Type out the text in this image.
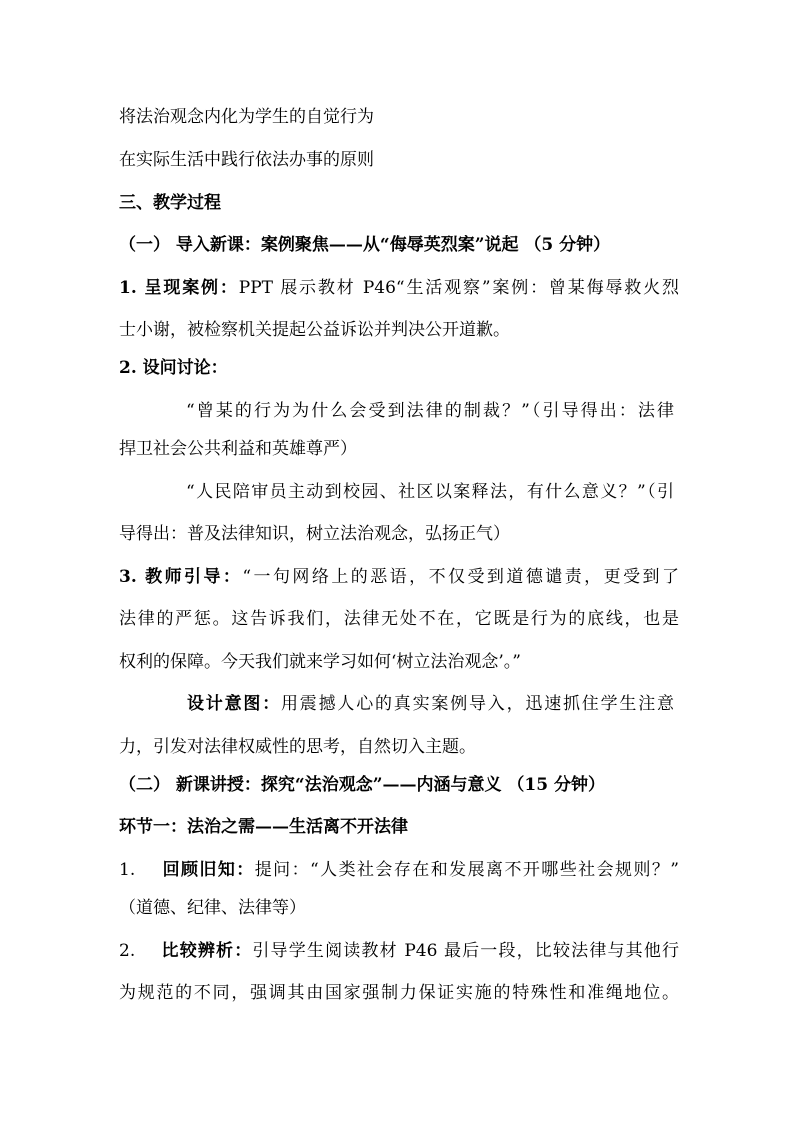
将法治观念内化为学生的自觉行为
在实际生活中践行依法办事的原则
三、教学过程
（一） 导入新课：案例聚焦——从“侮辱英烈案”说起 （5 分钟）
1. 呈现案例：PPT 展示教材 P46“生活观察”案例：曾某侮辱救火烈
士小谢，被检察机关提起公益诉讼并判决公开道歉。
2. 设问讨论：
“曾某的行为为什么会受到法律的制裁？”（引导得出：法律
捍卫社会公共利益和英雄尊严）
“人民陪审员主动到校园、社区以案释法，有什么意义？”（引
导得出：普及法律知识，树立法治观念，弘扬正气）
3. 教师引导：“一句网络上的恶语，不仅受到道德谴责，更受到了
法律的严惩。这告诉我们，法律无处不在，它既是行为的底线，也是
权利的保障。今天我们就来学习如何‘树立法治观念’。”
设计意图：用震撼人心的真实案例导入，迅速抓住学生注意
力，引发对法律权威性的思考，自然切入主题。
（二） 新课讲授：探究“法治观念”——内涵与意义 （15 分钟）
环节一：法治之需——生活离不开法律
1. 回顾旧知：提问：“人类社会存在和发展离不开哪些社会规则？”
（道德、纪律、法律等）
2. 比较辨析：引导学生阅读教材 P46 最后一段，比较法律与其他行
为规范的不同，强调其由国家强制力保证实施的特殊性和准绳地位。
